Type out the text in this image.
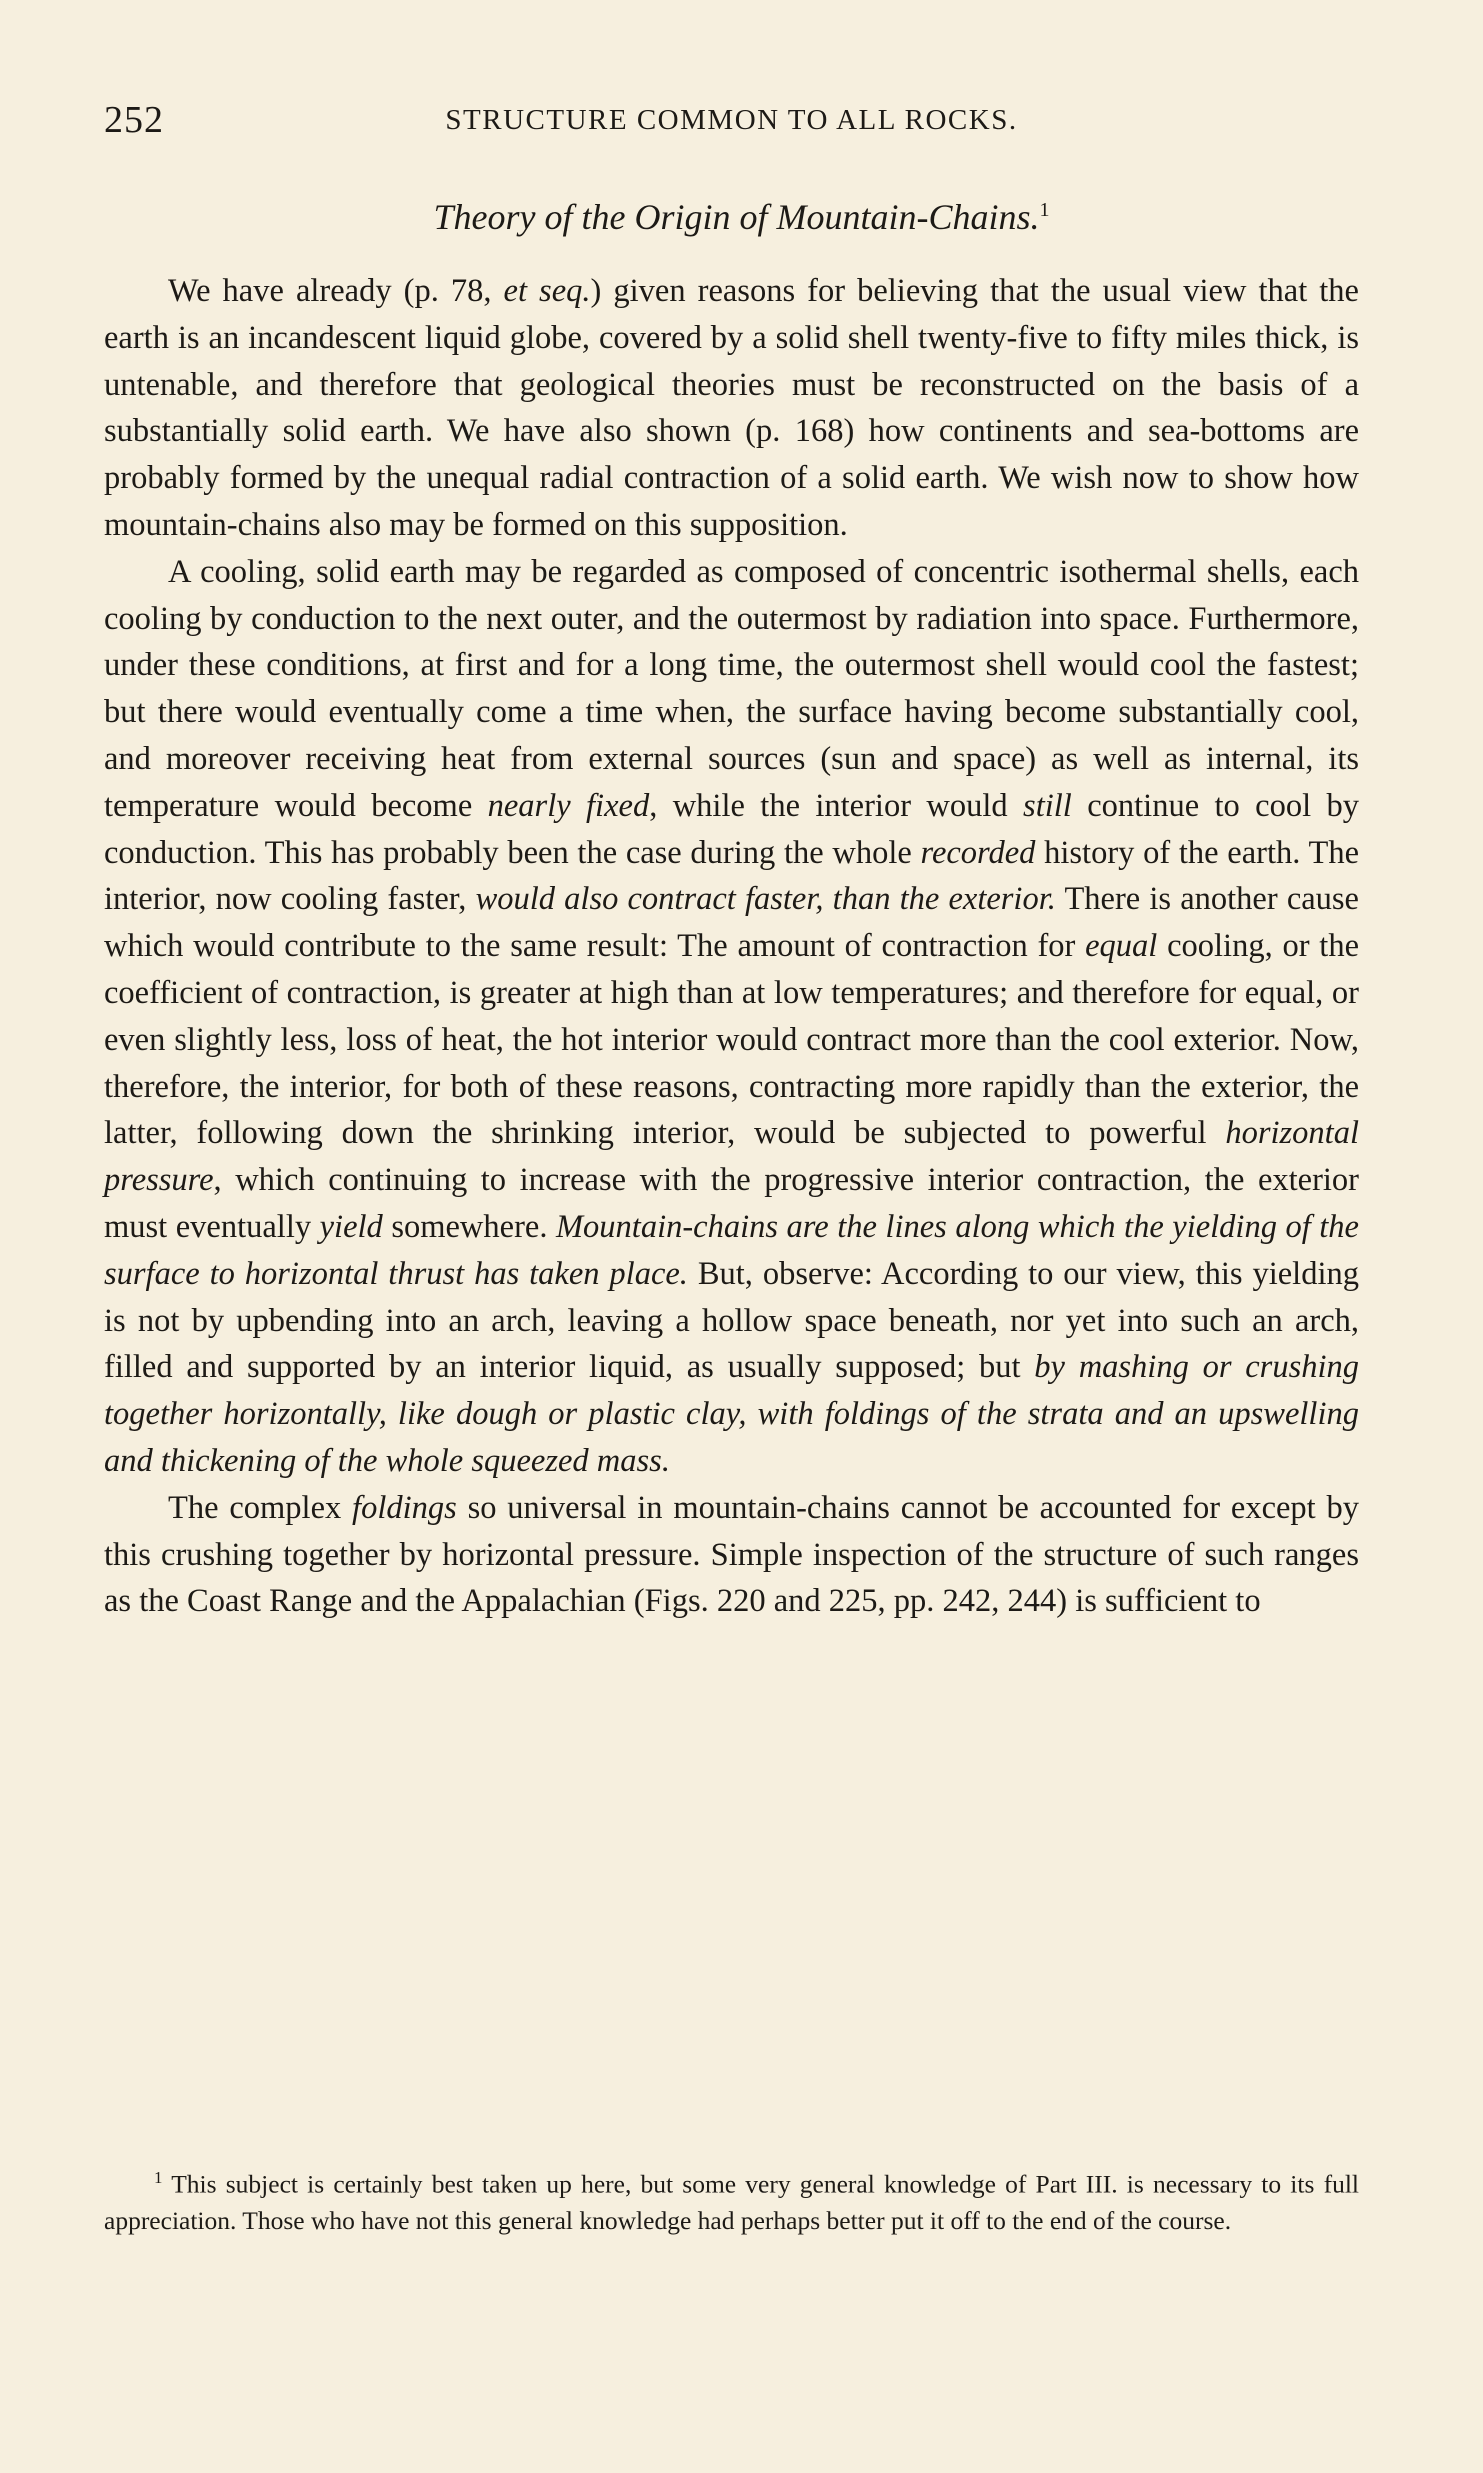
252	STRUCTURE COMMON TO ALL ROCKS.
Theory of the Origin of Mountain-Chains.$^1$

We have already (p. 78, et seq.) given reasons for believing that the usual view that the earth is an incandescent liquid globe, covered by a solid shell twenty-five to fifty miles thick, is untenable, and therefore that geological theories must be reconstructed on the basis of a substantially solid earth. We have also shown (p. 168) how continents and sea-bottoms are probably formed by the unequal radial contraction of a solid earth. We wish now to show how mountain-chains also may be formed on this supposition.

A cooling, solid earth may be regarded as composed of concentric isothermal shells, each cooling by conduction to the next outer, and the outermost by radiation into space. Furthermore, under these conditions, at first and for a long time, the outermost shell would cool the fastest; but there would eventually come a time when, the surface having become substantially cool, and moreover receiving heat from external sources (sun and space) as well as internal, its temperature would become nearly fixed, while the interior would still continue to cool by conduction. This has probably been the case during the whole recorded history of the earth. The interior, now cooling faster, would also contract faster, than the exterior. There is another cause which would contribute to the same result: The amount of contraction for equal cooling, or the coefficient of contraction, is greater at high than at low temperatures; and therefore for equal, or even slightly less, loss of heat, the hot interior would contract more than the cool exterior. Now, therefore, the interior, for both of these reasons, contracting more rapidly than the exterior, the latter, following down the shrinking interior, would be subjected to powerful horizontal pressure, which continuing to increase with the progressive interior contraction, the exterior must eventually yield somewhere. Mountain-chains are the lines along which the yielding of the surface to horizontal thrust has taken place. But, observe: According to our view, this yielding is not by upbending into an arch, leaving a hollow space beneath, nor yet into such an arch, filled and supported by an interior liquid, as usually supposed; but by mashing or crushing together horizontally, like dough or plastic clay, with foldings of the strata and an upswelling and thickening of the whole squeezed mass.

The complex foldings so universal in mountain-chains cannot be accounted for except by this crushing together by horizontal pressure. Simple inspection of the structure of such ranges as the Coast Range and the Appalachian (Figs. 220 and 225, pp. 242, 244) is sufficient to

$^1$ This subject is certainly best taken up here, but some very general knowledge of Part III. is necessary to its full appreciation. Those who have not this general knowledge had perhaps better put it off to the end of the course.
